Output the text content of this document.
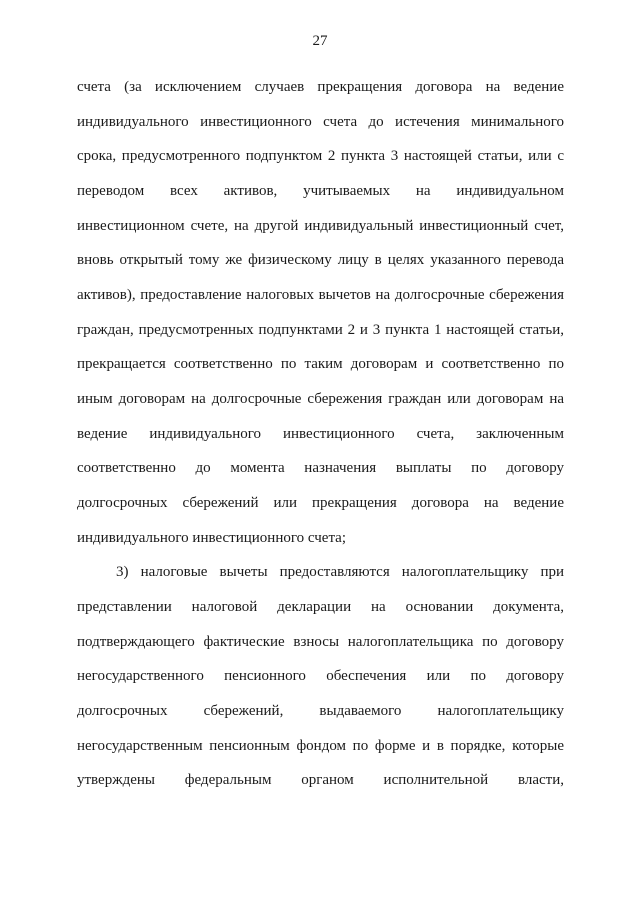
27
счета (за исключением случаев прекращения договора на ведение
индивидуального инвестиционного счета до истечения минимального
срока, предусмотренного подпунктом 2 пункта 3 настоящей статьи, или с
переводом всех активов, учитываемых на индивидуальном
инвестиционном счете, на другой индивидуальный инвестиционный счет,
вновь открытый тому же физическому лицу в целях указанного перевода
активов), предоставление налоговых вычетов на долгосрочные сбережения
граждан, предусмотренных подпунктами 2 и 3 пункта 1 настоящей статьи,
прекращается соответственно по таким договорам и соответственно по
иным договорам на долгосрочные сбережения граждан или договорам на
ведение индивидуального инвестиционного счета, заключенным
соответственно до момента назначения выплаты по договору
долгосрочных сбережений или прекращения договора на ведение
индивидуального инвестиционного счета;
3) налоговые вычеты предоставляются налогоплательщику при
представлении налоговой декларации на основании документа,
подтверждающего фактические взносы налогоплательщика по договору
негосударственного пенсионного обеспечения или по договору
долгосрочных сбережений, выдаваемого налогоплательщику
негосударственным пенсионным фондом по форме и в порядке, которые
утверждены федеральным органом исполнительной власти,
